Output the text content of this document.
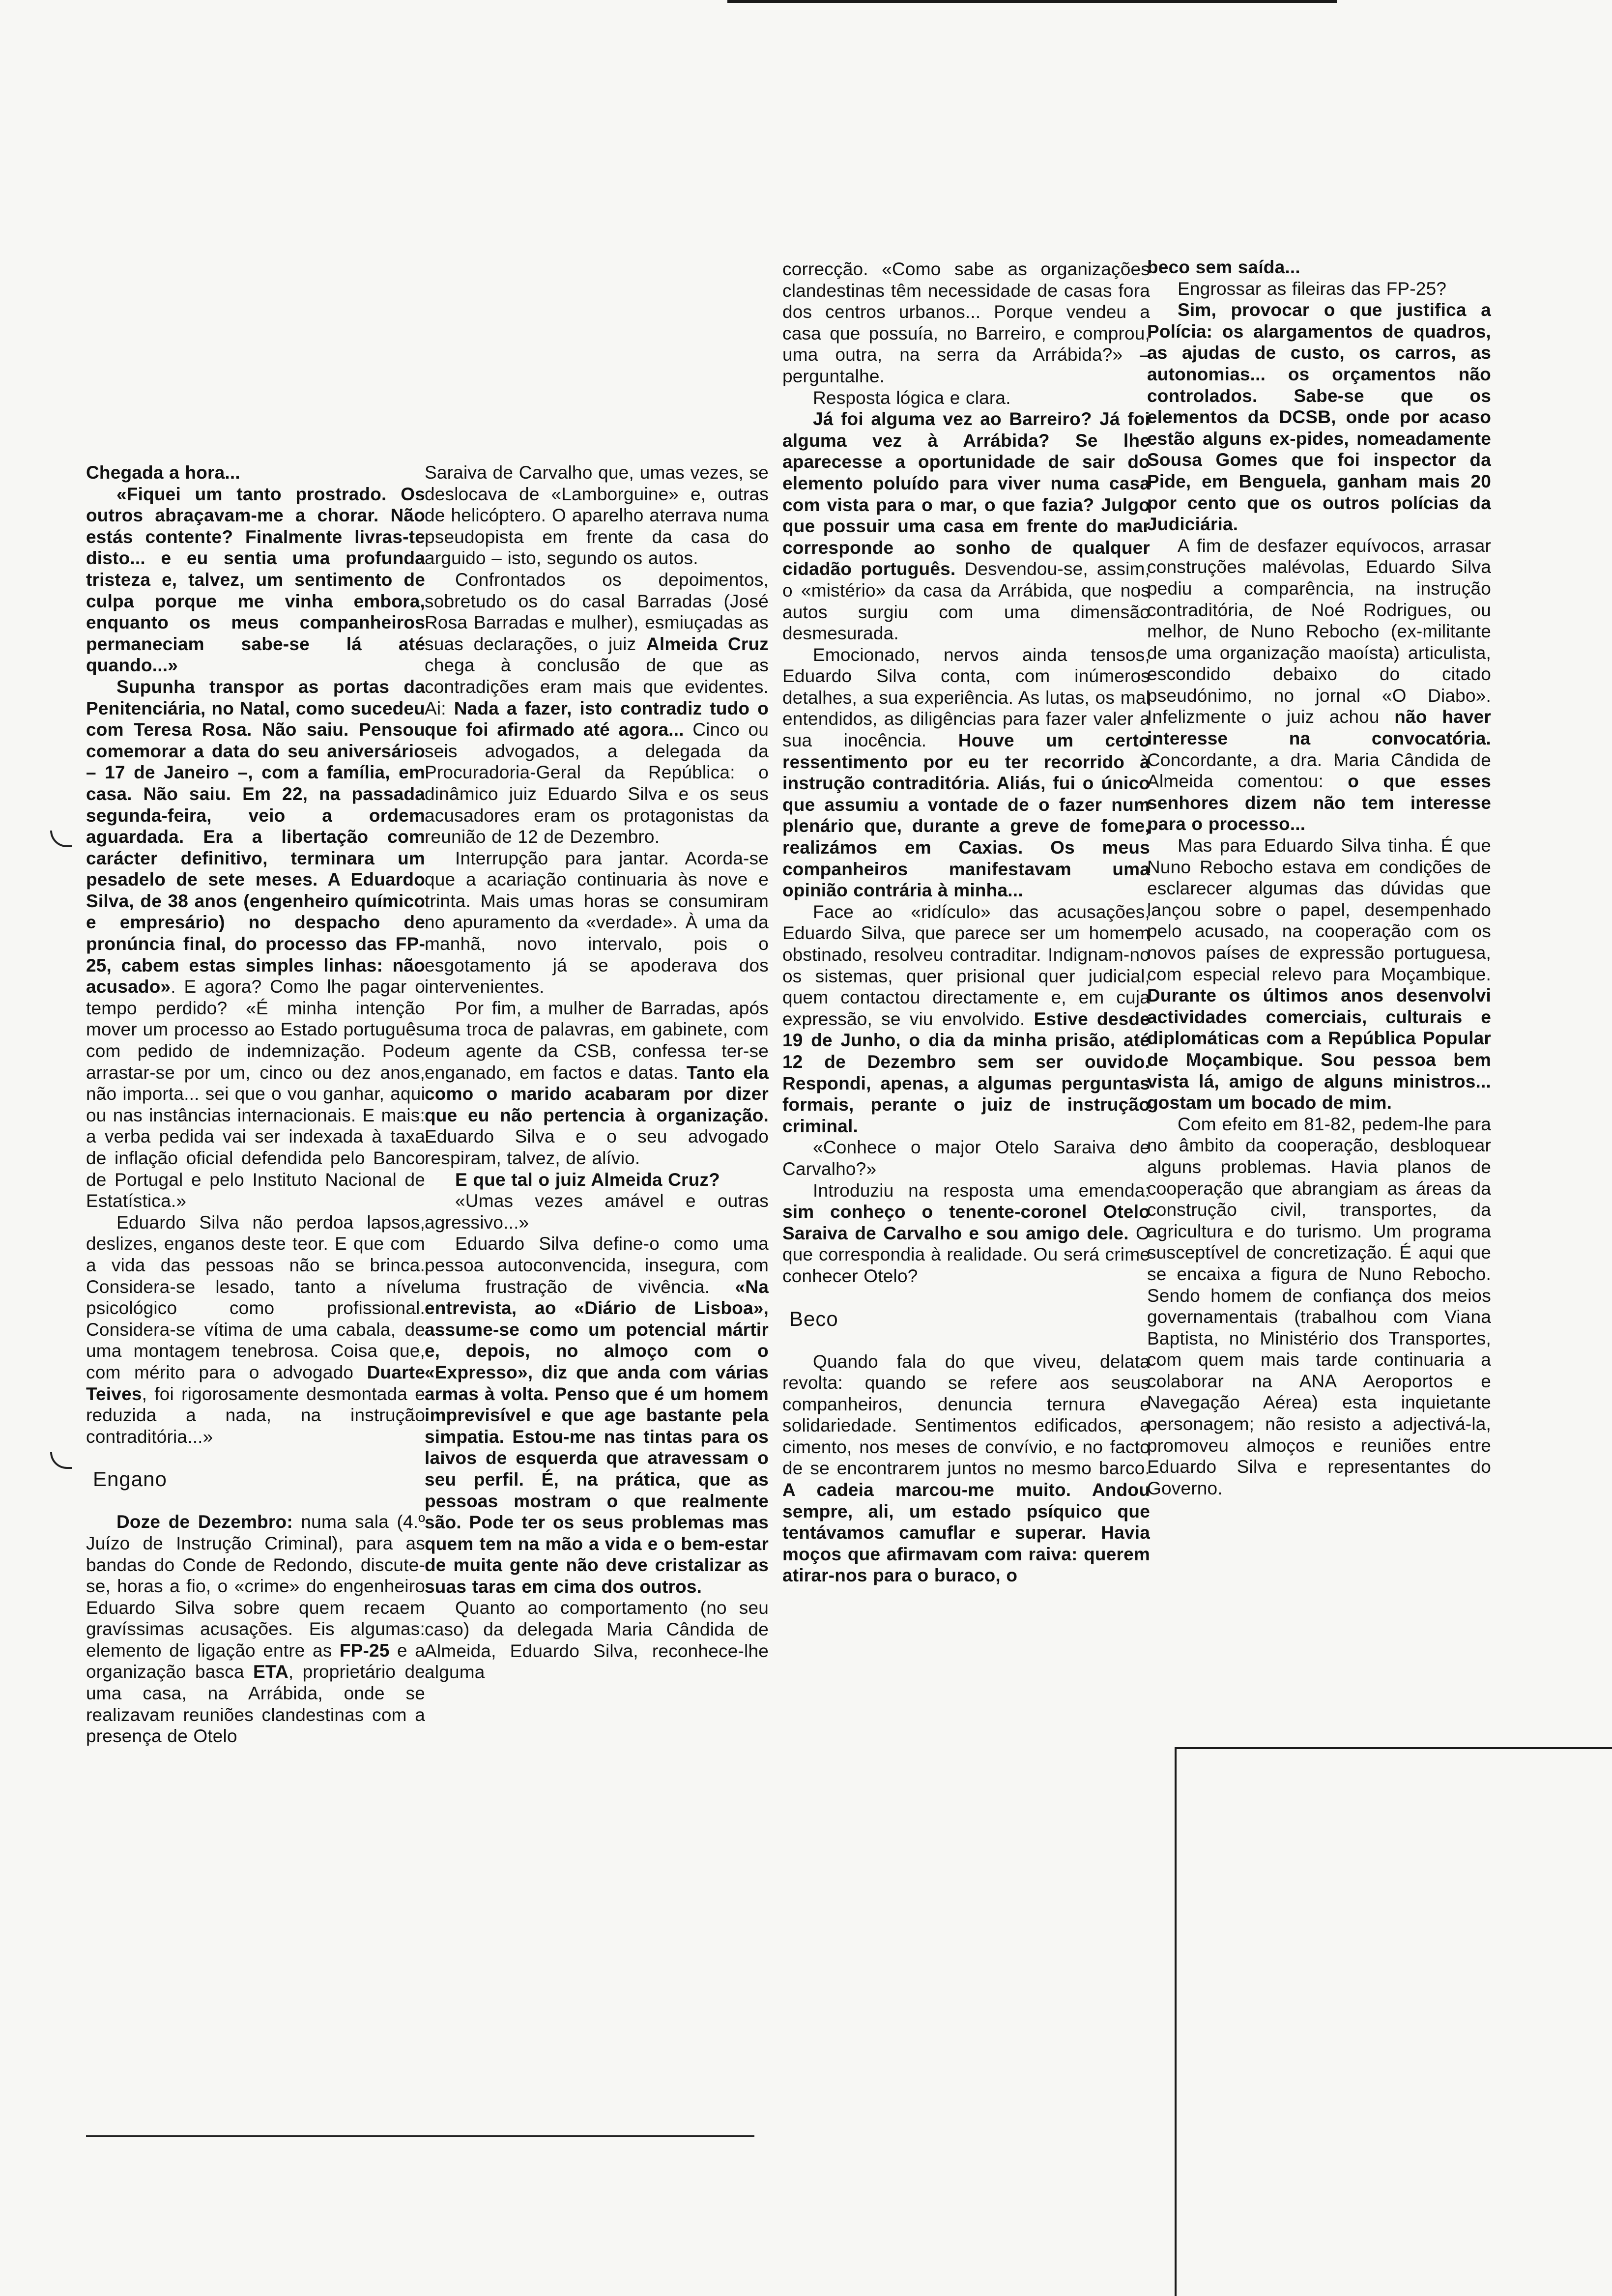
Chegada a hora...

«Fiquei um tanto prostrado. Os outros abraçavam-me a chorar. Não estás contente? Finalmente livras-te disto... e eu sentia uma profunda tristeza e, talvez, um sentimento de culpa porque me vinha embora, enquanto os meus companheiros permaneciam sabe-se lá até quando...»

Supunha transpor as portas da Penitenciária, no Natal, como sucedeu com Teresa Rosa. Não saiu. Pensou comemorar a data do seu aniversário – 17 de Janeiro –, com a família, em casa. Não saiu. Em 22, na passada segunda-feira, veio a ordem aguardada. Era a libertação com carácter definitivo, terminara um pesadelo de sete meses. A Eduardo Silva, de 38 anos (engenheiro químico e empresário) no despacho de pronúncia final, do processo das FP-25, cabem estas simples linhas: não acusado». E agora? Como lhe pagar o tempo perdido? «É minha intenção mover um processo ao Estado português com pedido de indemnização. Pode arrastar-se por um, cinco ou dez anos, não importa... sei que o vou ganhar, aqui ou nas instâncias internacionais. E mais: a verba pedida vai ser indexada à taxa de inflação oficial defendida pelo Banco de Portugal e pelo Instituto Nacional de Estatística.»

Eduardo Silva não perdoa lapsos, deslizes, enganos deste teor. E que com a vida das pessoas não se brinca. Considera-se lesado, tanto a nível psicológico como profissional. Considera-se vítima de uma cabala, de uma montagem tenebrosa. Coisa que, com mérito para o advogado Duarte Teives, foi rigorosamente desmontada e reduzida a nada, na instrução contraditória...»

Engano

Doze de Dezembro: numa sala (4.º Juízo de Instrução Criminal), para as bandas do Conde de Redondo, discute-se, horas a fio, o «crime» do engenheiro Eduardo Silva sobre quem recaem gravíssimas acusações. Eis algumas: elemento de ligação entre as FP-25 e a organização basca ETA, proprietário de uma casa, na Arrábida, onde se realizavam reuniões clandestinas com a presença de Otelo

Saraiva de Carvalho que, umas vezes, se deslocava de «Lamborguine» e, outras de helicóptero. O aparelho aterrava numa pseudopista em frente da casa do arguido – isto, segundo os autos.

Confrontados os depoimentos, sobretudo os do casal Barradas (José Rosa Barradas e mulher), esmiuçadas as suas declarações, o juiz Almeida Cruz chega à conclusão de que as contradições eram mais que evidentes. Ai: Nada a fazer, isto contradiz tudo o que foi afirmado até agora... Cinco ou seis advogados, a delegada da Procuradoria-Geral da República: o dinâmico juiz Eduardo Silva e os seus acusadores eram os protagonistas da reunião de 12 de Dezembro.

Interrupção para jantar. Acorda-se que a acariação continuaria às nove e trinta. Mais umas horas se consumiram no apuramento da «verdade». À uma da manhã, novo intervalo, pois o esgotamento já se apoderava dos intervenientes.

Por fim, a mulher de Barradas, após uma troca de palavras, em gabinete, com um agente da CSB, confessa ter-se enganado, em factos e datas. Tanto ela como o marido acabaram por dizer que eu não pertencia à organização. Eduardo Silva e o seu advogado respiram, talvez, de alívio.

E que tal o juiz Almeida Cruz?

«Umas vezes amável e outras agressivo...»

Eduardo Silva define-o como uma pessoa autoconvencida, insegura, com uma frustração de vivência. «Na entrevista, ao «Diário de Lisboa», assume-se como um potencial mártir e, depois, no almoço com o «Expresso», diz que anda com várias armas à volta. Penso que é um homem imprevisível e que age bastante pela simpatia. Estou-me nas tintas para os laivos de esquerda que atravessam o seu perfil. É, na prática, que as pessoas mostram o que realmente são. Pode ter os seus problemas mas quem tem na mão a vida e o bem-estar de muita gente não deve cristalizar as suas taras em cima dos outros.

Quanto ao comportamento (no seu caso) da delegada Maria Cândida de Almeida, Eduardo Silva, reconhece-lhe alguma

correcção. «Como sabe as organizações clandestinas têm necessidade de casas fora dos centros urbanos... Porque vendeu a casa que possuía, no Barreiro, e comprou, uma outra, na serra da Arrábida?» – perguntalhe.

Resposta lógica e clara.

Já foi alguma vez ao Barreiro? Já foi alguma vez à Arrábida? Se lhe aparecesse a oportunidade de sair do elemento poluído para viver numa casa com vista para o mar, o que fazia? Julgo que possuir uma casa em frente do mar corresponde ao sonho de qualquer cidadão português. Desvendou-se, assim, o «mistério» da casa da Arrábida, que nos autos surgiu com uma dimensão desmesurada.

Emocionado, nervos ainda tensos, Eduardo Silva conta, com inúmeros detalhes, a sua experiência. As lutas, os mal entendidos, as diligências para fazer valer a sua inocência. Houve um certo ressentimento por eu ter recorrido à instrução contraditória. Aliás, fui o único que assumiu a vontade de o fazer num plenário que, durante a greve de fome, realizámos em Caxias. Os meus companheiros manifestavam uma opinião contrária à minha...

Face ao «ridículo» das acusações, Eduardo Silva, que parece ser um homem obstinado, resolveu contraditar. Indignam-no os sistemas, quer prisional quer judicial, quem contactou directamente e, em cuja expressão, se viu envolvido. Estive desde 19 de Junho, o dia da minha prisão, até 12 de Dezembro sem ser ouvido. Respondi, apenas, a algumas perguntas formais, perante o juiz de instrução criminal.

«Conhece o major Otelo Saraiva de Carvalho?»

Introduziu na resposta uma emenda: sim conheço o tenente-coronel Otelo Saraiva de Carvalho e sou amigo dele. O que correspondia à realidade. Ou será crime conhecer Otelo?

Beco

Quando fala do que viveu, delata revolta: quando se refere aos seus companheiros, denuncia ternura e solidariedade. Sentimentos edificados, a cimento, nos meses de convívio, e no facto de se encontrarem juntos no mesmo barco. A cadeia marcou-me muito. Andou sempre, ali, um estado psíquico que tentávamos camuflar e superar. Havia moços que afirmavam com raiva: querem atirar-nos para o buraco, o

beco sem saída...

Engrossar as fileiras das FP-25?

Sim, provocar o que justifica a Polícia: os alargamentos de quadros, as ajudas de custo, os carros, as autonomias... os orçamentos não controlados. Sabe-se que os elementos da DCSB, onde por acaso estão alguns ex-pides, nomeadamente Sousa Gomes que foi inspector da Pide, em Benguela, ganham mais 20 por cento que os outros polícias da Judiciária.

A fim de desfazer equívocos, arrasar construções malévolas, Eduardo Silva pediu a comparência, na instrução contraditória, de Noé Rodrigues, ou melhor, de Nuno Rebocho (ex-militante de uma organização maoísta) articulista, escondido debaixo do citado pseudónimo, no jornal «O Diabo». Infelizmente o juiz achou não haver interesse na convocatória. Concordante, a dra. Maria Cândida de Almeida comentou: o que esses senhores dizem não tem interesse para o processo...

Mas para Eduardo Silva tinha. É que Nuno Rebocho estava em condições de esclarecer algumas das dúvidas que lançou sobre o papel, desempenhado pelo acusado, na cooperação com os novos países de expressão portuguesa, com especial relevo para Moçambique. Durante os últimos anos desenvolvi actividades comerciais, culturais e diplomáticas com a República Popular de Moçambique. Sou pessoa bem vista lá, amigo de alguns ministros... gostam um bocado de mim.

Com efeito em 81-82, pedem-lhe para no âmbito da cooperação, desbloquear alguns problemas. Havia planos de cooperação que abrangiam as áreas da construção civil, transportes, da agricultura e do turismo. Um programa susceptível de concretização. É aqui que se encaixa a figura de Nuno Rebocho. Sendo homem de confiança dos meios governamentais (trabalhou com Viana Baptista, no Ministério dos Transportes, com quem mais tarde continuaria a colaborar na ANA Aeroportos e Navegação Aérea) esta inquietante personagem; não resisto a adjectivá-la, promoveu almoços e reuniões entre Eduardo Silva e representantes do Governo.
